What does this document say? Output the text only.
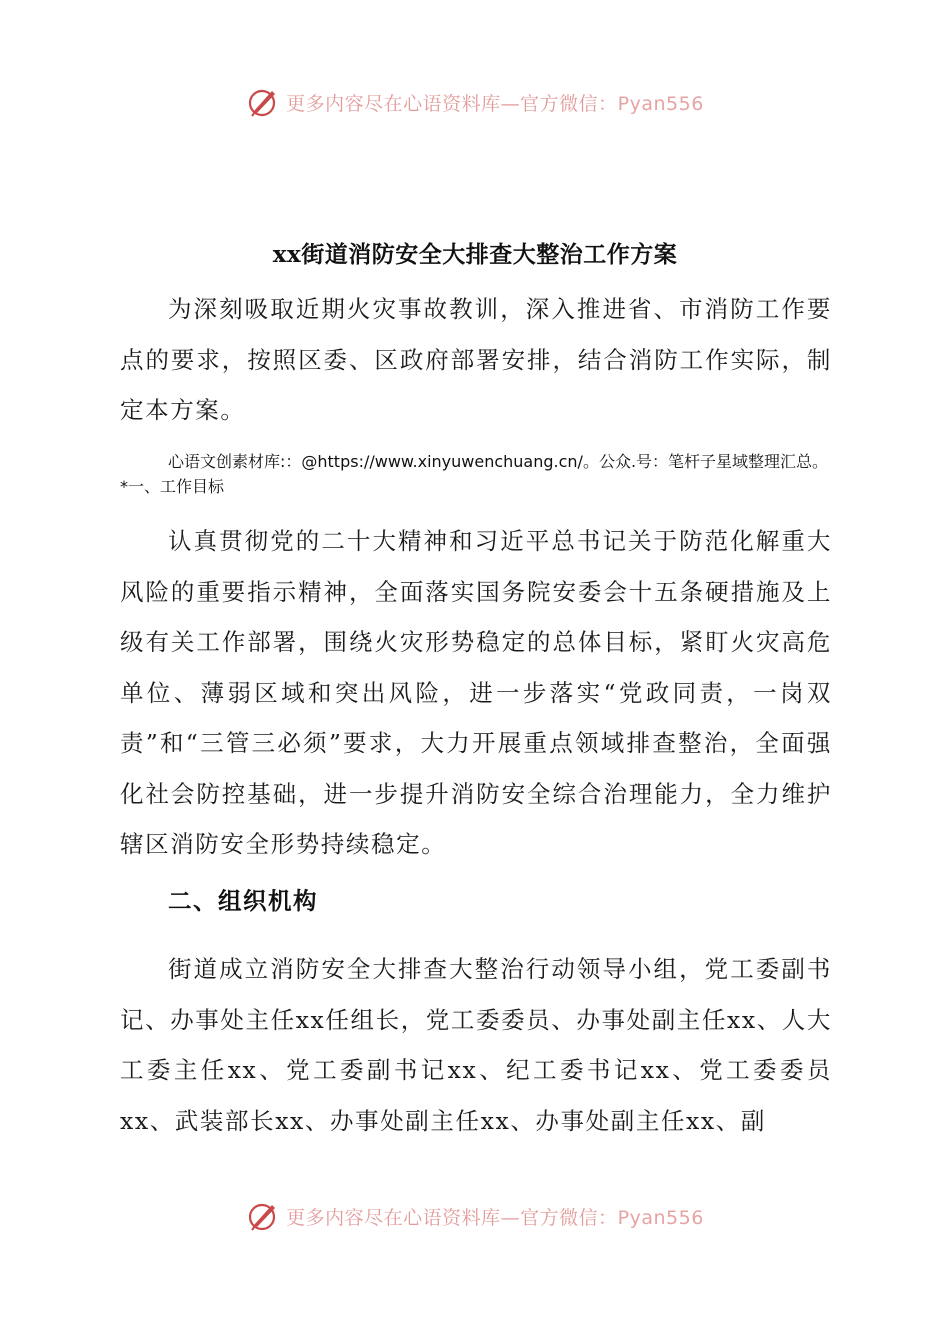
更多内容尽在心语资料库—官方微信：Pyan556
xx街道消防安全大排查大整治工作方案
为深刻吸取近期火灾事故教训，深入推进省、市消防工作要点的要求，按照区委、区政府部署安排，结合消防工作实际，制定本方案。
心语文创素材库:：@https://www.xinyuwenchuang.cn/。公众.号：笔杆子星域整理汇总。*一、工作目标
认真贯彻党的二十大精神和习近平总书记关于防范化解重大风险的重要指示精神，全面落实国务院安委会十五条硬措施及上级有关工作部署，围绕火灾形势稳定的总体目标，紧盯火灾高危单位、薄弱区域和突出风险，进一步落实“党政同责，一岗双责”和“三管三必须”要求，大力开展重点领域排查整治，全面强化社会防控基础，进一步提升消防安全综合治理能力，全力维护辖区消防安全形势持续稳定。
二、组织机构
街道成立消防安全大排查大整治行动领导小组，党工委副书记、办事处主任xx任组长，党工委委员、办事处副主任xx、人大工委主任xx、党工委副书记xx、纪工委书记xx、党工委委员xx、武装部长xx、办事处副主任xx、办事处副主任xx、副
更多内容尽在心语资料库—官方微信：Pyan556
